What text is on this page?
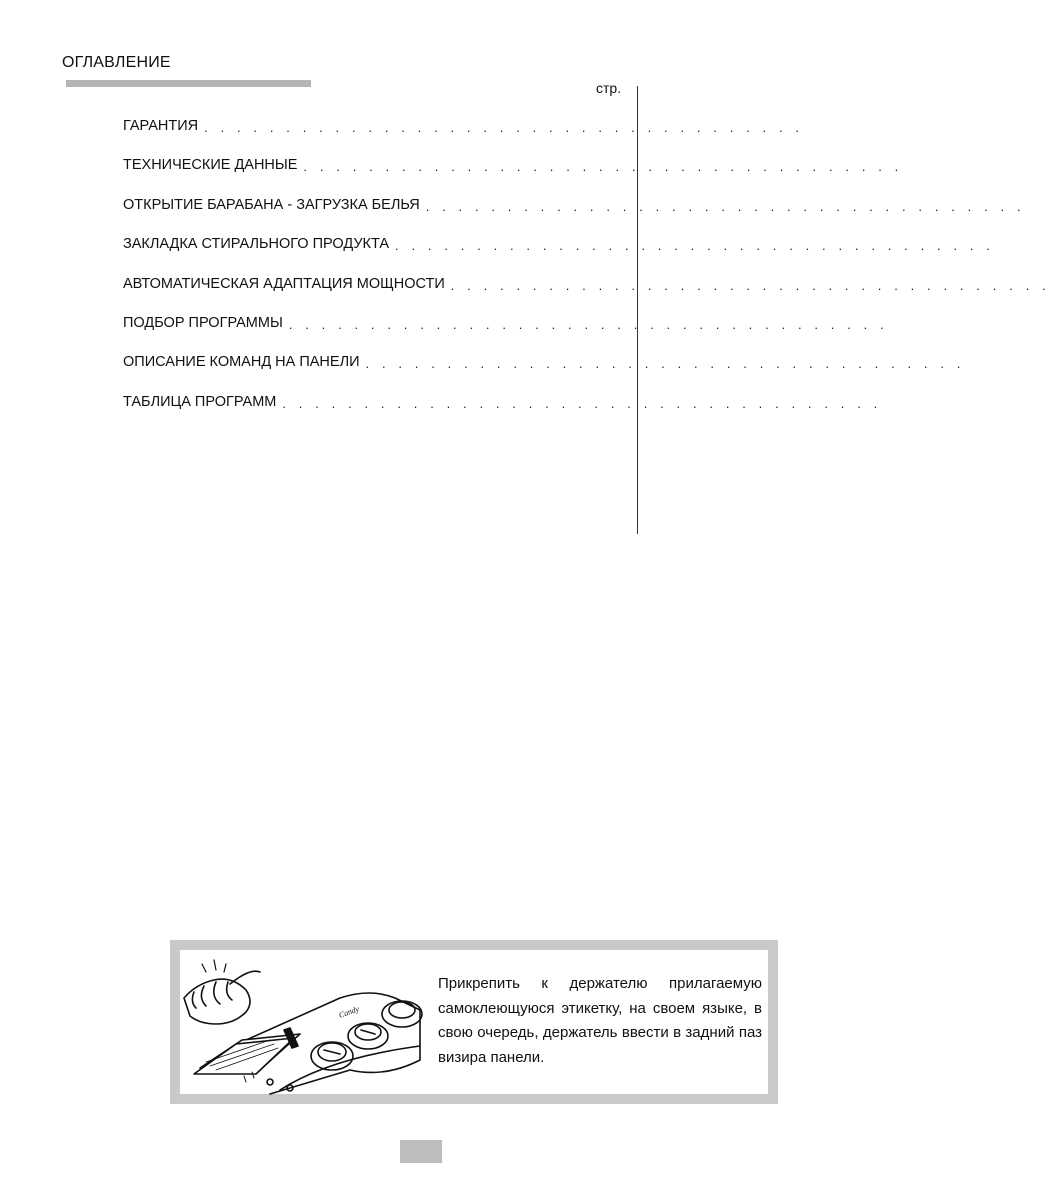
ОГЛАВЛЕНИЕ
стр.
ГАРАНТИЯ . . . . . . . . . . . . . . . . . . . . . . . . . . . . . . . . . . . . .
ТЕХНИЧЕСКИЕ ДАННЫЕ . . . . . . . . . . . . . . . . . . . . . . . . . . . . . . . . . . . . .
ОТКРЫТИЕ БАРАБАНА - ЗАГРУЗКА БЕЛЬЯ . . . . . . . . . . . . . . . . . . . . . . . . . . . . . . . . . . . . .
ЗАКЛАДКА СТИРАЛЬНОГО ПРОДУКТА . . . . . . . . . . . . . . . . . . . . . . . . . . . . . . . . . . . . .
АВТОМАТИЧЕСКАЯ АДАПТАЦИЯ МОЩНОСТИ . . . . . . . . . . . . . . . . . . . . . . . . . . . . . . . . . . . . .
ПОДБОР ПРОГРАММЫ . . . . . . . . . . . . . . . . . . . . . . . . . . . . . . . . . . . . .
ОПИСАНИЕ КОМАНД НА ПАНЕЛИ . . . . . . . . . . . . . . . . . . . . . . . . . . . . . . . . . . . . .
ТАБЛИЦА ПРОГРАММ . . . . . . . . . . . . . . . . . . . . . . . . . . . . . . . . . . . . .
Candy
Прикрепить к держателю прилагаемую самоклеющуюся этикетку, на своем языке, в свою очередь, держатель ввести в задний паз визира панели.
